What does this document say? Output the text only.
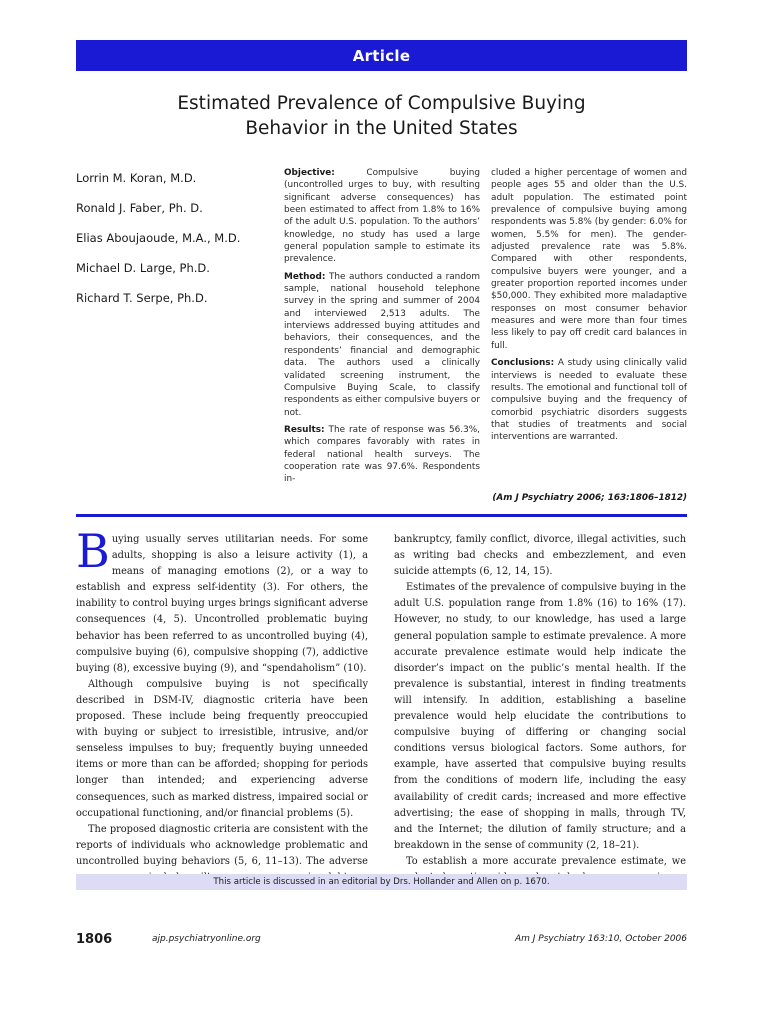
Article
Estimated Prevalence of Compulsive Buying
Behavior in the United States
Lorrin M. Koran, M.D.
Ronald J. Faber, Ph. D.
Elias Aboujaoude, M.A., M.D.
Michael D. Large, Ph.D.
Richard T. Serpe, Ph.D.

Objective:	Compulsive buying (uncontrolled urges to buy, with resulting significant adverse consequences) has been estimated to affect from 1.8% to 16% of the adult U.S. population. To the authors’ knowledge, no study has used a large general population sample to estimate its prevalence.

Method: The authors conducted a random sample, national household telephone survey in the spring and summer of 2004 and interviewed 2,513 adults. The interviews addressed buying attitudes and behaviors, their consequences, and the respondents’ financial and demographic data. The authors used a clinically validated screening instrument, the Compulsive Buying Scale, to classify respondents as either compulsive buyers or not.

Results: The rate of response was 56.3%, which compares favorably with rates in federal national health surveys. The cooperation rate was 97.6%. Respondents in-

cluded a higher percentage of women and people ages 55 and older than the U.S. adult population. The estimated point prevalence of compulsive buying among respondents was 5.8% (by gender: 6.0% for women, 5.5% for men). The gender-adjusted prevalence rate was 5.8%. Compared with other respondents, compulsive buyers were younger, and a greater proportion reported incomes under $50,000. They exhibited more maladaptive responses on most consumer behavior measures and were more than four times less likely to pay off credit card balances in full.

Conclusions: A study using clinically valid interviews is needed to evaluate these results. The emotional and functional toll of compulsive buying and the frequency of comorbid psychiatric disorders suggests that studies of treatments and social interventions are warranted.

(Am J Psychiatry 2006; 163:1806–1812)

Buying usually serves utilitarian needs. For some adults, shopping is also a leisure activity (1), a means of managing emotions (2), or a way to establish and express self-identity (3). For others, the inability to control buying urges brings significant adverse consequences (4, 5). Uncontrolled problematic buying behavior has been referred to as uncontrolled buying (4), compulsive buying (6), compulsive shopping (7), addictive buying (8), excessive buying (9), and “spendaholism” (10).

Although compulsive buying is not specifically described in DSM-IV, diagnostic criteria have been proposed. These include being frequently preoccupied with buying or subject to irresistible, intrusive, and/or senseless impulses to buy; frequently buying unneeded items or more than can be afforded; shopping for periods longer than intended; and experiencing adverse consequences, such as marked distress, impaired social or occupational functioning, and/or financial problems (5).

The proposed diagnostic criteria are consistent with the reports of individuals who acknowledge problematic and uncontrolled buying behaviors (5, 6, 11–13). The adverse

bankruptcy, family conflict, divorce, illegal activities, such as writing bad checks and embezzlement, and even suicide attempts (6, 12, 14, 15).

Estimates of the prevalence of compulsive buying in the adult U.S. population range from 1.8% (16) to 16% (17). However, no study, to our knowledge, has used a large general population sample to estimate prevalence. A more accurate prevalence estimate would help indicate the disorder’s impact on the public’s mental health. If the prevalence is substantial, interest in finding treatments will intensify. In addition, establishing a baseline prevalence would help elucidate the contributions to compulsive buying of differing or changing social conditions versus biological factors. Some authors, for example, have asserted that compulsive buying results from the conditions of modern life, including the easy availability of credit cards; increased and more effective advertising; the ease of shopping in malls, through TV, and the Internet; the dilution of family structure; and a breakdown in the sense of community (2, 18–21).

To establish a more accurate prevalence estimate, we

This article is discussed in an editorial by Drs. Hollander and Allen on p. 1670.
1806	ajp.psychiatryonline.org	Am J Psychiatry 163:10, October 2006
